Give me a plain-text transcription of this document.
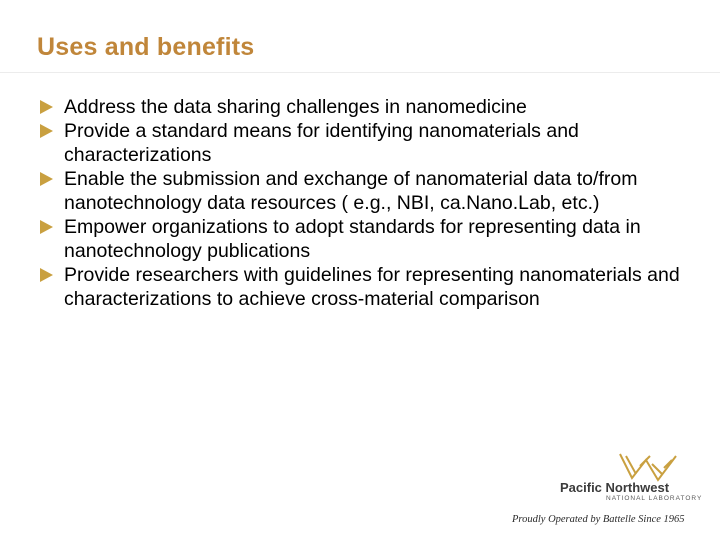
Uses and benefits
Address the data sharing challenges in nanomedicine
Provide a standard means for identifying nanomaterials and characterizations
Enable the submission and exchange of nanomaterial data to/from nanotechnology data resources ( e.g., NBI, ca.Nano.Lab, etc.)
Empower organizations to adopt standards for representing data in nanotechnology publications
Provide researchers with guidelines for representing nanomaterials and characterizations to achieve cross-material comparison
Pacific Northwest
NATIONAL LABORATORY
Proudly Operated by Battelle Since 1965
